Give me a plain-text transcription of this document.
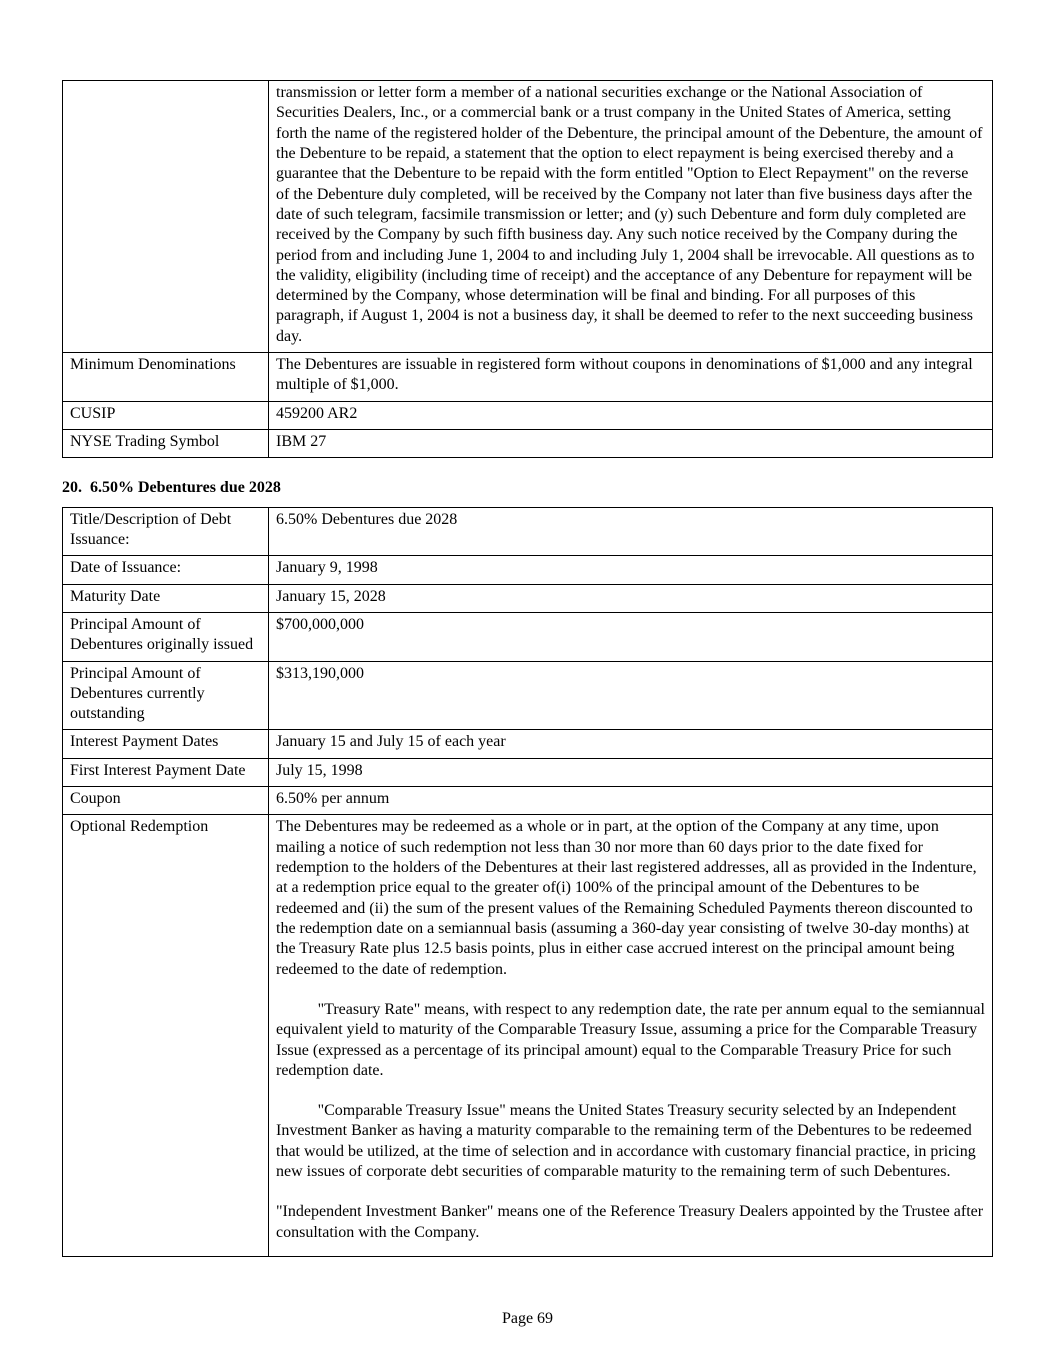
	transmission or letter form a member of a national securities exchange or the National Association of Securities Dealers, Inc., or a commercial bank or a trust company in the United States of America, setting forth the name of the registered holder of the Debenture, the principal amount of the Debenture, the amount of the Debenture to be repaid, a statement that the option to elect repayment is being exercised thereby and a guarantee that the Debenture to be repaid with the form entitled "Option to Elect Repayment" on the reverse of the Debenture duly completed, will be received by the Company not later than five business days after the date of such telegram, facsimile transmission or letter; and (y) such Debenture and form duly completed are received by the Company by such fifth business day. Any such notice received by the Company during the period from and including June 1, 2004 to and including July 1, 2004 shall be irrevocable. All questions as to the validity, eligibility (including time of receipt) and the acceptance of any Debenture for repayment will be determined by the Company, whose determination will be final and binding. For all purposes of this paragraph, if August 1, 2004 is not a business day, it shall be deemed to refer to the next succeeding business day.
Minimum Denominations	The Debentures are issuable in registered form without coupons in denominations of $1,000 and any integral multiple of $1,000.
CUSIP	459200 AR2
NYSE Trading Symbol	IBM 27
20.  6.50% Debentures due 2028
Title/Description of Debt Issuance:	6.50% Debentures due 2028
Date of Issuance:	January 9, 1998
Maturity Date	January 15, 2028
Principal Amount of Debentures originally issued	$700,000,000
Principal Amount of Debentures currently outstanding	$313,190,000
Interest Payment Dates	January 15 and July 15 of each year
First Interest Payment Date	July 15, 1998
Coupon	6.50% per annum
Optional Redemption	The Debentures may be redeemed as a whole or in part, at the option of the Company at any time, upon mailing a notice of such redemption not less than 30 nor more than 60 days prior to the date fixed for redemption to the holders of the Debentures at their last registered addresses, all as provided in the Indenture, at a redemption price equal to the greater of(i) 100% of the principal amount of the Debentures to be redeemed and (ii) the sum of the present values of the Remaining Scheduled Payments thereon discounted to the redemption date on a semiannual basis (assuming a 360-day year consisting of twelve 30-day months) at the Treasury Rate plus 12.5 basis points, plus in either case accrued interest on the principal amount being redeemed to the date of redemption.

"Treasury Rate" means, with respect to any redemption date, the rate per annum equal to the semiannual equivalent yield to maturity of the Comparable Treasury Issue, assuming a price for the Comparable Treasury Issue (expressed as a percentage of its principal amount) equal to the Comparable Treasury Price for such redemption date.

"Comparable Treasury Issue" means the United States Treasury security selected by an Independent Investment Banker as having a maturity comparable to the remaining term of the Debentures to be redeemed that would be utilized, at the time of selection and in accordance with customary financial practice, in pricing new issues of corporate debt securities of comparable maturity to the remaining term of such Debentures.

"Independent Investment Banker" means one of the Reference Treasury Dealers appointed by the Trustee after consultation with the Company.

Page 69
